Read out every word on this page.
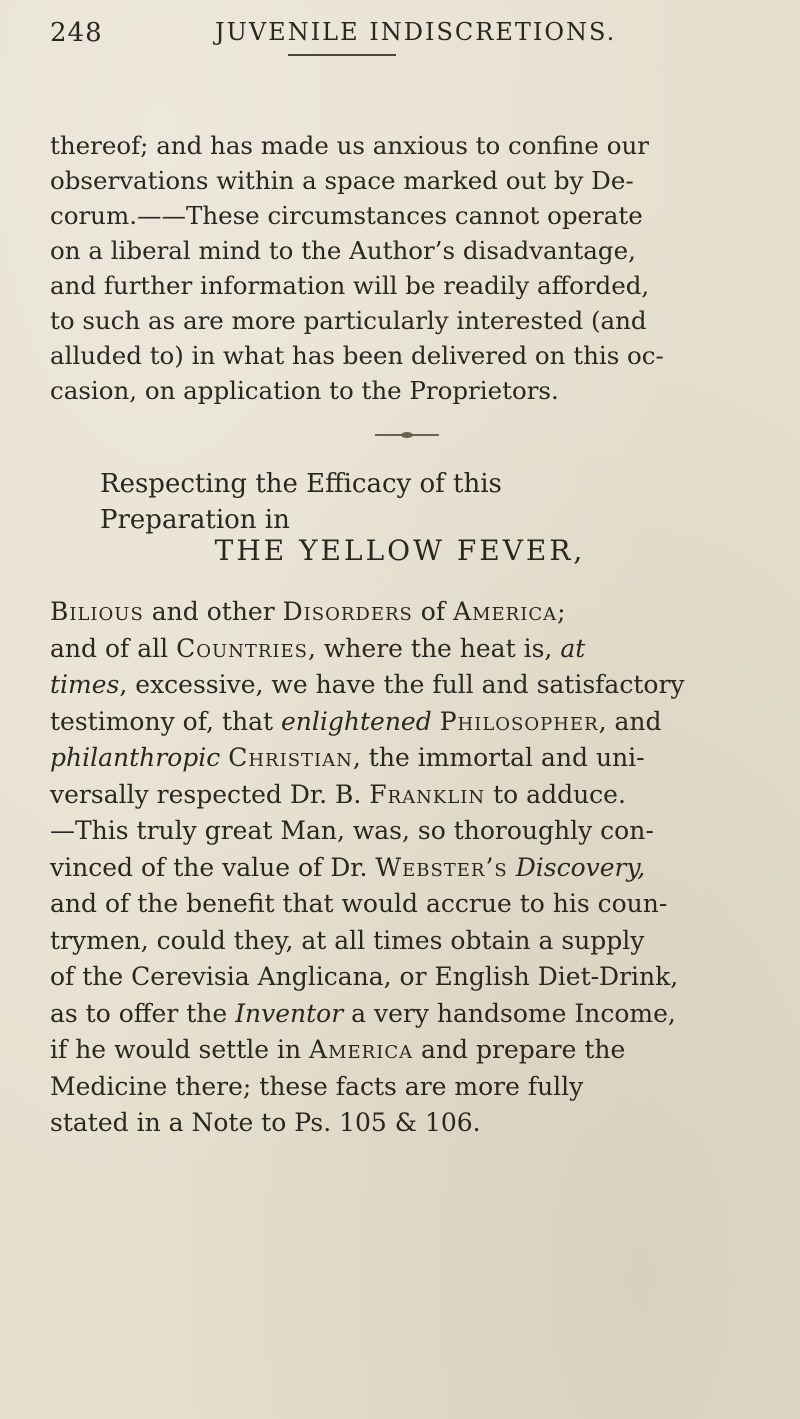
248	JUVENILE INDISCRETIONS.

thereof; and has made us anxious to confine our
observations within a space marked out by De-
corum.——These circumstances cannot operate
on a liberal mind to the Author’s disadvantage,
and further information will be readily afforded,
to such as are more particularly interested (and
alluded to) in what has been delivered on this oc-
casion, on application to the Proprietors.

Respecting the Efficacy of this Preparation in
THE YELLOW FEVER,

Bilious and other Disorders of America;
and of all Countries, where the heat is, at
times, excessive, we have the full and satisfactory
testimony of, that enlightened Philosopher, and
philanthropic Christian, the immortal and uni-
versally respected Dr. B. Franklin to adduce.
—This truly great Man, was, so thoroughly con-
vinced of the value of Dr. Webster’s Discovery,
and of the benefit that would accrue to his coun-
trymen, could they, at all times obtain a supply
of the Cerevisia Anglicana, or English Diet-Drink,
as to offer the Inventor a very handsome Income,
if he would settle in America and prepare the
Medicine there; these facts are more fully
stated in a Note to Ps. 105 & 106.
